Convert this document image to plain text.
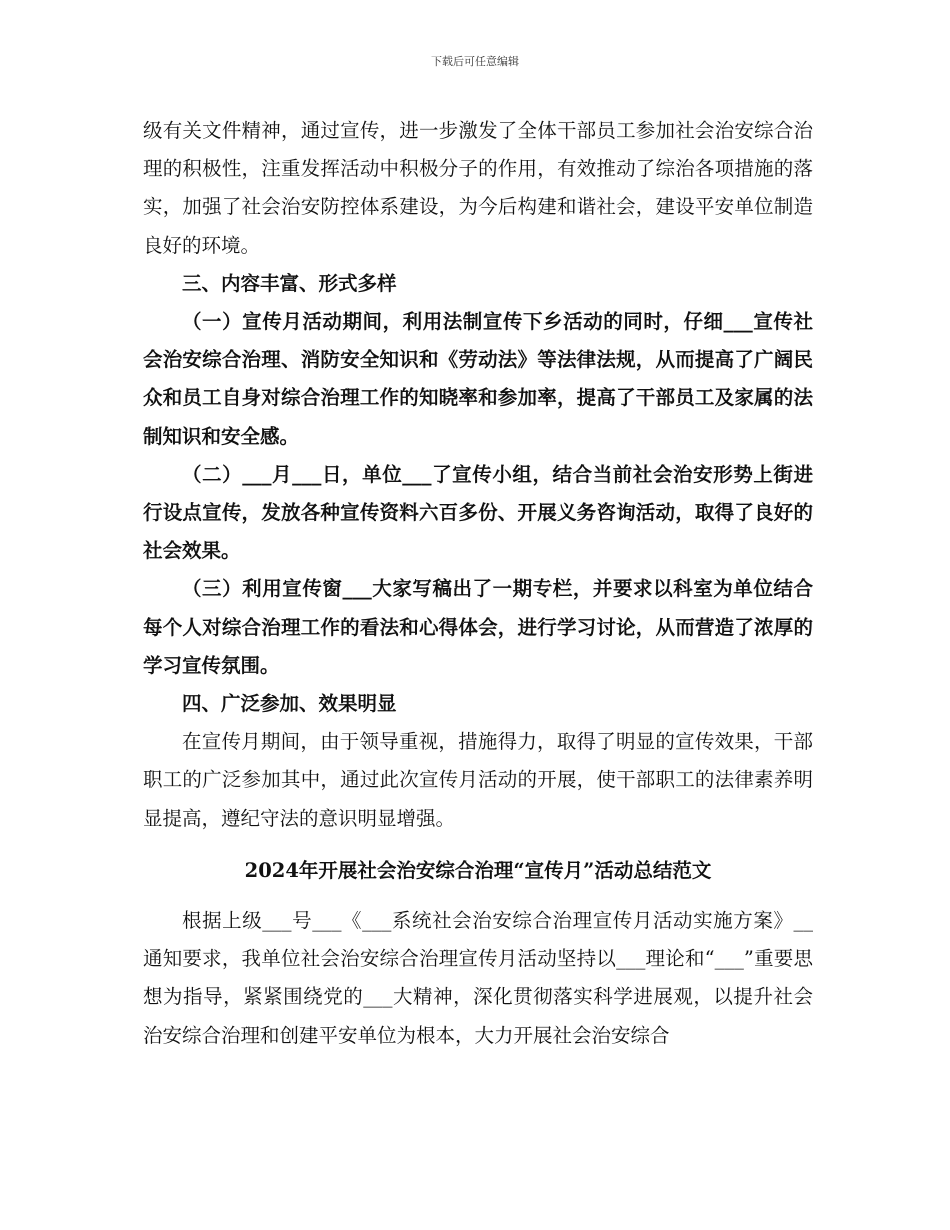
下载后可任意编辑

级有关文件精神，通过宣传，进一步激发了全体干部员工参加社会治安综合治理的积极性，注重发挥活动中积极分子的作用，有效推动了综治各项措施的落实，加强了社会治安防控体系建设，为今后构建和谐社会，建设平安单位制造良好的环境。

三、内容丰富、形式多样

（一）宣传月活动期间，利用法制宣传下乡活动的同时，仔细___宣传社会治安综合治理、消防安全知识和《劳动法》等法律法规，从而提高了广阔民众和员工自身对综合治理工作的知晓率和参加率，提高了干部员工及家属的法制知识和安全感。

（二）___月___日，单位___了宣传小组，结合当前社会治安形势上街进行设点宣传，发放各种宣传资料六百多份、开展义务咨询活动，取得了良好的社会效果。

（三）利用宣传窗___大家写稿出了一期专栏，并要求以科室为单位结合每个人对综合治理工作的看法和心得体会，进行学习讨论，从而营造了浓厚的学习宣传氛围。

四、广泛参加、效果明显

在宣传月期间，由于领导重视，措施得力，取得了明显的宣传效果，干部职工的广泛参加其中，通过此次宣传月活动的开展，使干部职工的法律素养明显提高，遵纪守法的意识明显增强。

2024年开展社会治安综合治理“宣传月”活动总结范文

根据上级___号___《___系统社会治安综合治理宣传月活动实施方案》__通知要求，我单位社会治安综合治理宣传月活动坚持以___理论和“___”重要思想为指导，紧紧围绕党的___大精神，深化贯彻落实科学进展观，以提升社会治安综合治理和创建平安单位为根本，大力开展社会治安综合
